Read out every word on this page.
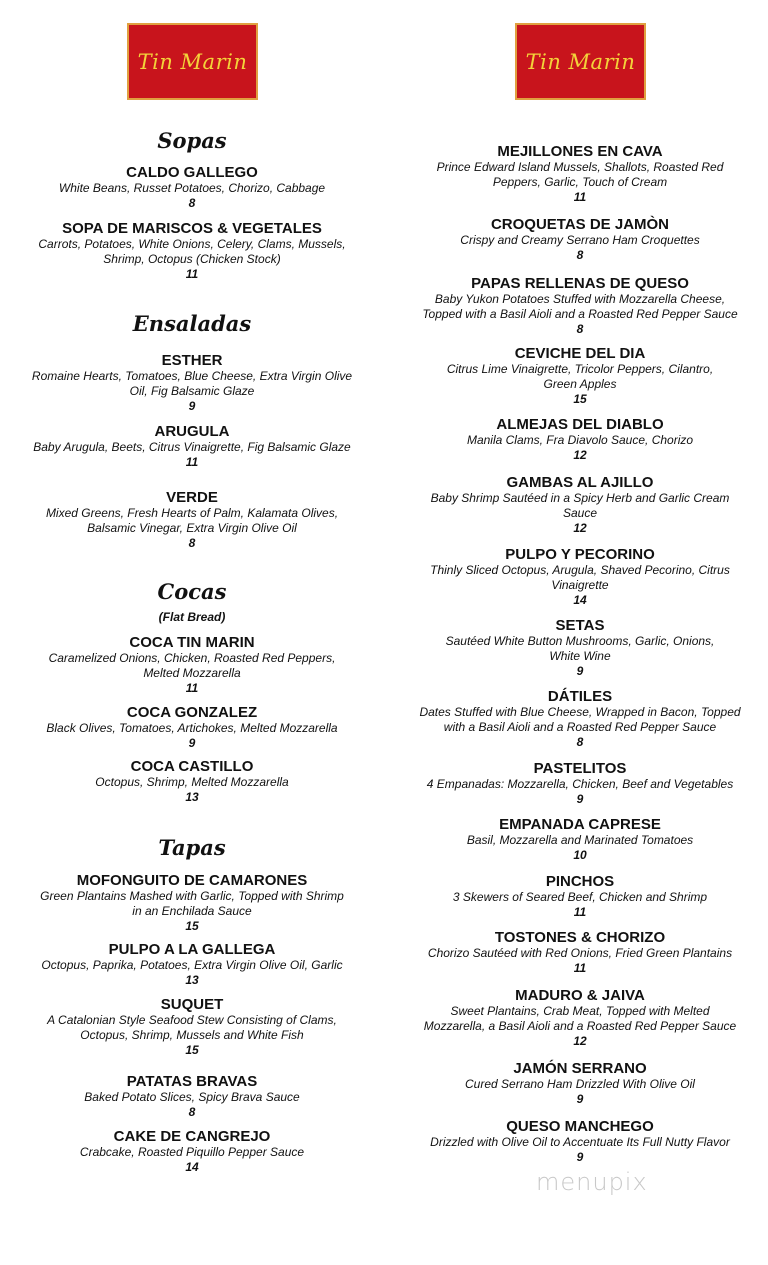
Tin Marin	Tin Marin
Sopas
CALDO GALLEGO
White Beans, Russet Potatoes, Chorizo, Cabbage
8
SOPA DE MARISCOS & VEGETALES
Carrots, Potatoes, White Onions, Celery, Clams, Mussels,
Shrimp, Octopus (Chicken Stock)
11
Ensaladas
ESTHER
Romaine Hearts, Tomatoes, Blue Cheese, Extra Virgin Olive
Oil, Fig Balsamic Glaze
9
ARUGULA
Baby Arugula, Beets, Citrus Vinaigrette, Fig Balsamic Glaze
11
VERDE
Mixed Greens, Fresh Hearts of Palm, Kalamata Olives,
Balsamic Vinegar, Extra Virgin Olive Oil
8
Cocas
(Flat Bread)
COCA TIN MARIN
Caramelized Onions, Chicken, Roasted Red Peppers,
Melted Mozzarella
11
COCA GONZALEZ
Black Olives, Tomatoes, Artichokes, Melted Mozzarella
9
COCA CASTILLO
Octopus, Shrimp, Melted Mozzarella
13
Tapas
MOFONGUITO DE CAMARONES
Green Plantains Mashed with Garlic, Topped with Shrimp
in an Enchilada Sauce
15
PULPO A LA GALLEGA
Octopus, Paprika, Potatoes, Extra Virgin Olive Oil, Garlic
13
SUQUET
A Catalonian Style Seafood Stew Consisting of Clams,
Octopus, Shrimp, Mussels and White Fish
15
PATATAS BRAVAS
Baked Potato Slices, Spicy Brava Sauce
8
CAKE DE CANGREJO
Crabcake, Roasted Piquillo Pepper Sauce
14
MEJILLONES EN CAVA
Prince Edward Island Mussels, Shallots, Roasted Red
Peppers, Garlic, Touch of Cream
11
CROQUETAS DE JAMÒN
Crispy and Creamy Serrano Ham Croquettes
8
PAPAS RELLENAS DE QUESO
Baby Yukon Potatoes Stuffed with Mozzarella Cheese,
Topped with a Basil Aioli and a Roasted Red Pepper Sauce
8
CEVICHE DEL DIA
Citrus Lime Vinaigrette, Tricolor Peppers, Cilantro,
Green Apples
15
ALMEJAS DEL DIABLO
Manila Clams, Fra Diavolo Sauce, Chorizo
12
GAMBAS AL AJILLO
Baby Shrimp Sautéed in a Spicy Herb and Garlic Cream
Sauce
12
PULPO Y PECORINO
Thinly Sliced Octopus, Arugula, Shaved Pecorino, Citrus
Vinaigrette
14
SETAS
Sautéed White Button Mushrooms, Garlic, Onions,
White Wine
9
DÁTILES
Dates Stuffed with Blue Cheese, Wrapped in Bacon, Topped
with a Basil Aioli and a Roasted Red Pepper Sauce
8
PASTELITOS
4 Empanadas: Mozzarella, Chicken, Beef and Vegetables
9
EMPANADA CAPRESE
Basil, Mozzarella and Marinated Tomatoes
10
PINCHOS
3 Skewers of Seared Beef, Chicken and Shrimp
11
TOSTONES & CHORIZO
Chorizo Sautéed with Red Onions, Fried Green Plantains
11
MADURO & JAIVA
Sweet Plantains, Crab Meat, Topped with Melted
Mozzarella, a Basil Aioli and a Roasted Red Pepper Sauce
12
JAMÓN SERRANO
Cured Serrano Ham Drizzled With Olive Oil
9
QUESO MANCHEGO
Drizzled with Olive Oil to Accentuate Its Full Nutty Flavor
9
menupix
